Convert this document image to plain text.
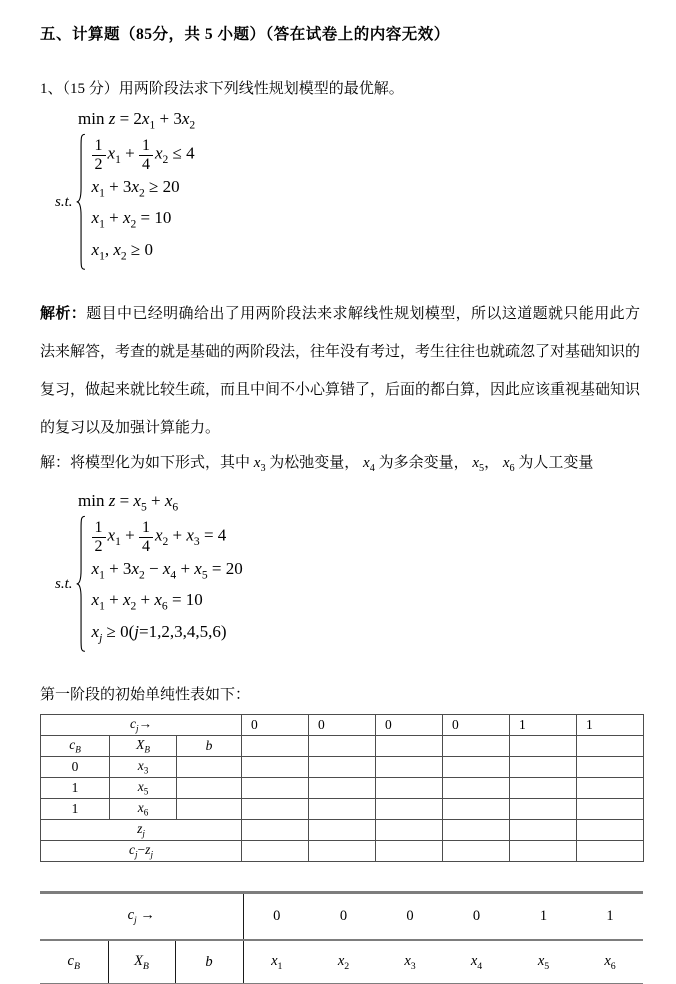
五、计算题（85分，共 5 小题）（答在试卷上的内容无效）
1、（15 分）用两阶段法求下列线性规划模型的最优解。
$\min z = 2x_1 + 3x_2$
s.t.
$\frac{1}{2} x_1 + \frac{1}{4} x_2 \le 4$
$x_1 + 3x_2 \ge 20$
$x_1 + x_2 = 10$
$x_1$, $x_2 \ge 0$
解析：题目中已经明确给出了用两阶段法来求解线性规划模型，所以这道题就只能用此方法来解答，考查的就是基础的两阶段法，往年没有考过，考生往往也就疏忽了对基础知识的复习，做起来就比较生疏，而且中间不小心算错了，后面的都白算，因此应该重视基础知识的复习以及加强计算能力。
解：将模型化为如下形式，其中 $x_3$ 为松弛变量， $x_4$ 为多余变量， $x_5$， $x_6$ 为人工变量
$\min z = x_5 + x_6$
s.t.
$\frac{1}{2} x_1 + \frac{1}{4} x_2 + x_3 = 4$
$x_1 + 3x_2 - x_4 + x_5 = 20$
$x_1 + x_2 + x_6 = 10$
$x_j \ge 0(j=1,2,3,4,5,6)$
第一阶段的初始单纯性表如下：
$c_j\to$			0	0	0	0	1	1
$c_B$	$X_B$	b						
0	$x_3$							
1	$x_5$							
1	$x_6$							
$z_j$						
$c_j-z_j$						
$c_j$ →			0	0	0	0	1	1
$c_B$	$X_B$	b	$x_1$	$x_2$	$x_3$	$x_4$	$x_5$	$x_6$
